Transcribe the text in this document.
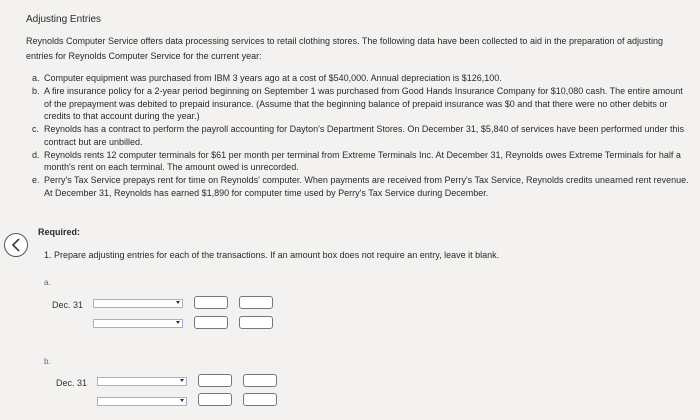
Adjusting Entries
Reynolds Computer Service offers data processing services to retail clothing stores. The following data have been collected to aid in the preparation of adjusting entries for Reynolds Computer Service for the current year:
a. Computer equipment was purchased from IBM 3 years ago at a cost of $540,000. Annual depreciation is $126,100.
b. A fire insurance policy for a 2-year period beginning on September 1 was purchased from Good Hands Insurance Company for $10,080 cash. The entire amount of the prepayment was debited to prepaid insurance. (Assume that the beginning balance of prepaid insurance was $0 and that there were no other debits or credits to that account during the year.)
c. Reynolds has a contract to perform the payroll accounting for Dayton's Department Stores. On December 31, $5,840 of services have been performed under this contract but are unbilled.
d. Reynolds rents 12 computer terminals for $61 per month per terminal from Extreme Terminals Inc. At December 31, Reynolds owes Extreme Terminals for half a month's rent on each terminal. The amount owed is unrecorded.
e. Perry's Tax Service prepays rent for time on Reynolds' computer. When payments are received from Perry's Tax Service, Reynolds credits unearned rent revenue. At December 31, Reynolds has earned $1,890 for computer time used by Perry's Tax Service during December.
Required:
1. Prepare adjusting entries for each of the transactions. If an amount box does not require an entry, leave it blank.
a.
Dec. 31
b.
Dec. 31
